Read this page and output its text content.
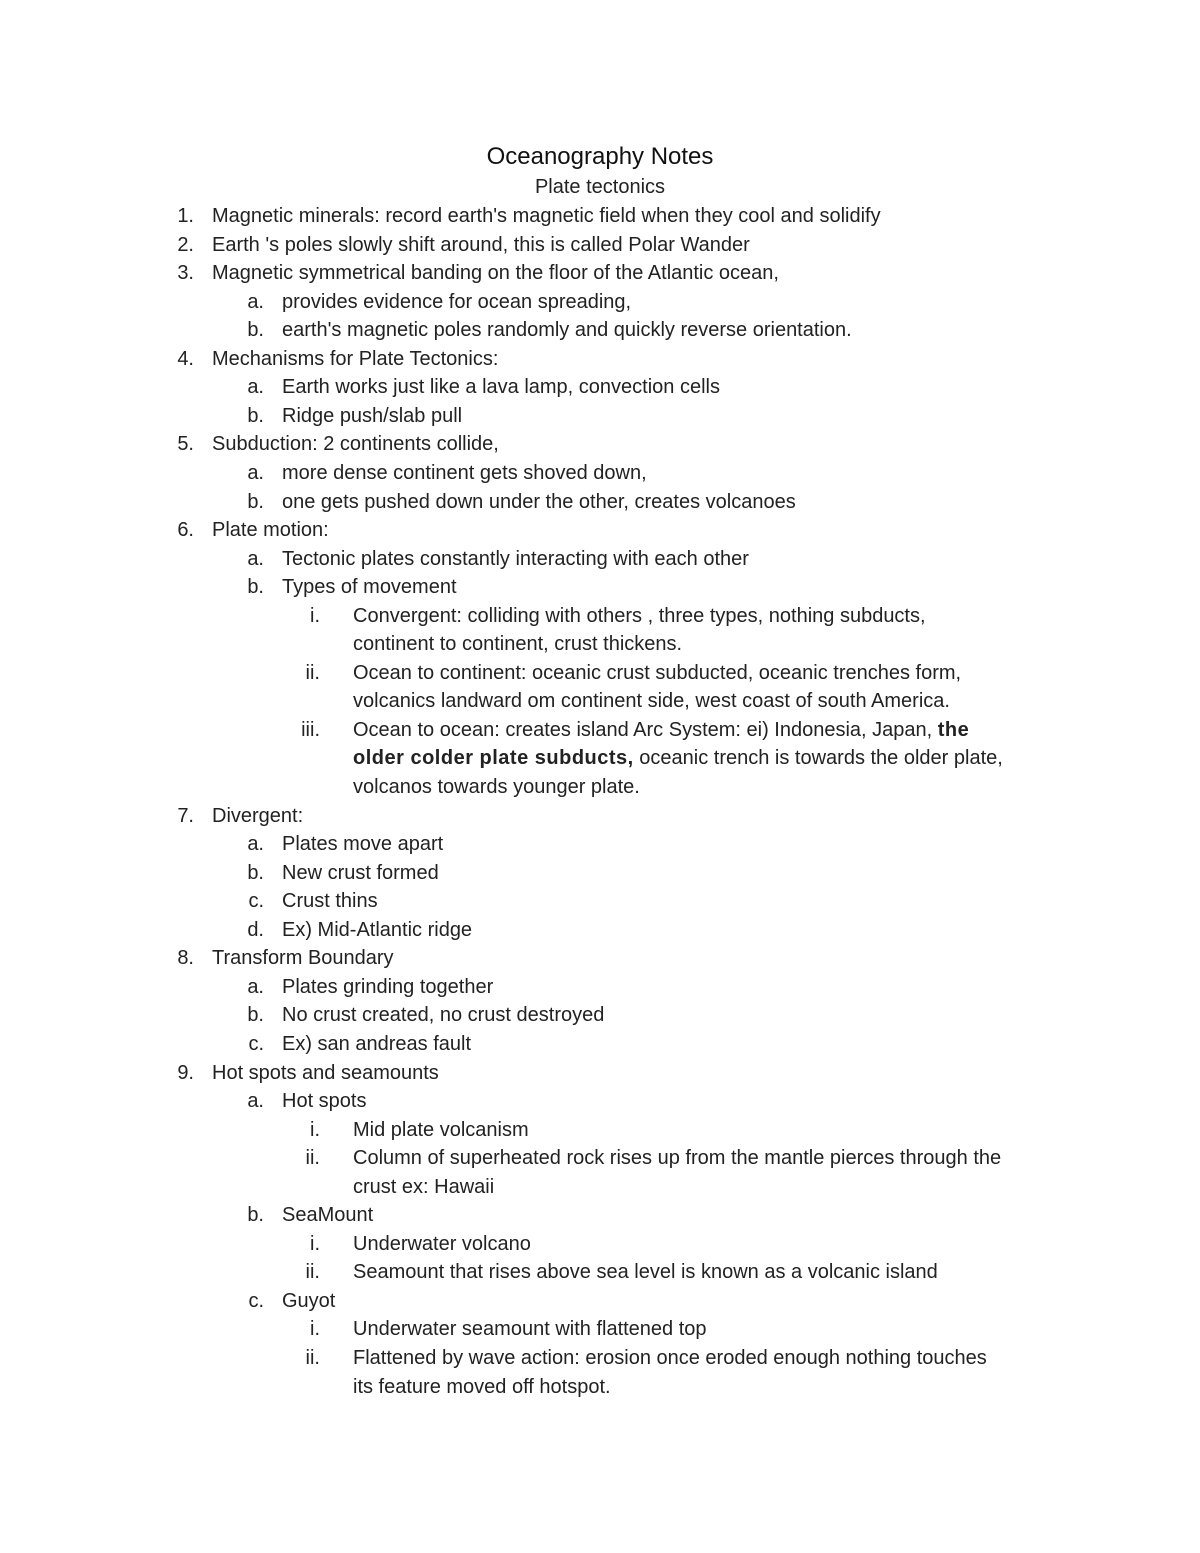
Oceanography Notes
Plate tectonics
1. Magnetic minerals: record earth's magnetic field when they cool and solidify
2. Earth 's poles slowly shift around, this is called Polar Wander
3. Magnetic symmetrical banding on the floor of the Atlantic ocean,
a. provides evidence for ocean spreading,
b. earth's magnetic poles randomly and quickly reverse orientation.
4. Mechanisms for Plate Tectonics:
a. Earth works just like a lava lamp, convection cells
b. Ridge push/slab pull
5. Subduction: 2 continents collide,
a. more dense continent gets shoved down,
b. one gets pushed down under the other, creates volcanoes
6. Plate motion:
a. Tectonic plates constantly interacting with each other
b. Types of movement
i. Convergent: colliding with others , three types, nothing subducts,
continent to continent, crust thickens.
ii. Ocean to continent: oceanic crust subducted, oceanic trenches form,
volcanics landward om continent side, west coast of south America.
iii. Ocean to ocean: creates island Arc System: ei) Indonesia, Japan, the
older colder plate subducts, oceanic trench is towards the older plate,
volcanos towards younger plate.
7. Divergent:
a. Plates move apart
b. New crust formed
c. Crust thins
d. Ex) Mid-Atlantic ridge
8. Transform Boundary
a. Plates grinding together
b. No crust created, no crust destroyed
c. Ex) san andreas fault
9. Hot spots and seamounts
a. Hot spots
i. Mid plate volcanism
ii. Column of superheated rock rises up from the mantle pierces through the
crust ex: Hawaii
b. SeaMount
i. Underwater volcano
ii. Seamount that rises above sea level is known as a volcanic island
c. Guyot
i. Underwater seamount with flattened top
ii. Flattened by wave action: erosion once eroded enough nothing touches
its feature moved off hotspot.
